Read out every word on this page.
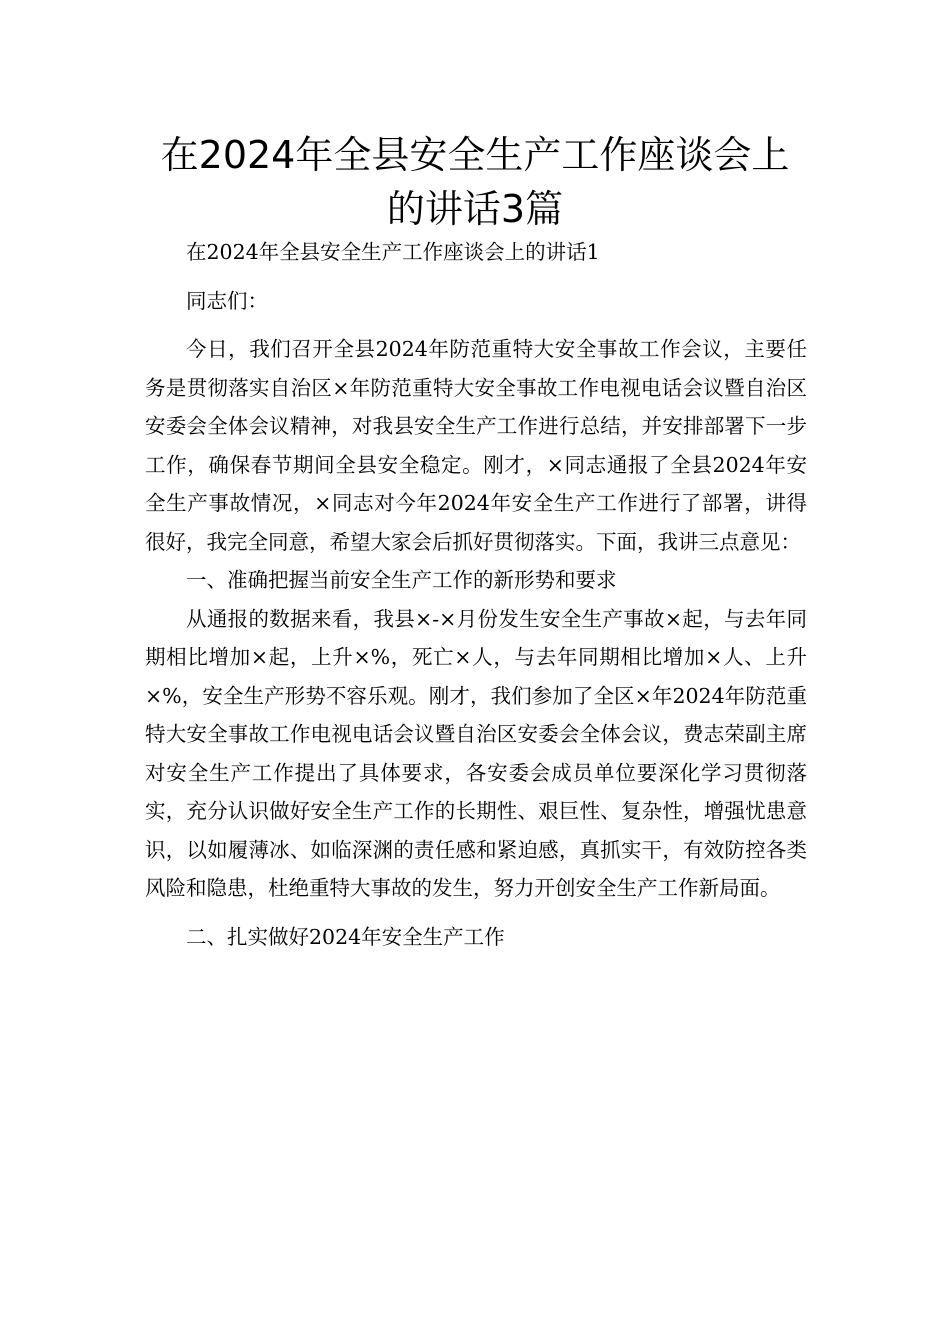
在2024年全县安全生产工作座谈会上的讲话3篇

在2024年全县安全生产工作座谈会上的讲话1

同志们：

今日，我们召开全县2024年防范重特大安全事故工作会议，主要任务是贯彻落实自治区×年防范重特大安全事故工作电视电话会议暨自治区安委会全体会议精神，对我县安全生产工作进行总结，并安排部署下一步工作，确保春节期间全县安全稳定。刚才，×同志通报了全县2024年安全生产事故情况，×同志对今年2024年安全生产工作进行了部署，讲得很好，我完全同意，希望大家会后抓好贯彻落实。下面，我讲三点意见：

一、准确把握当前安全生产工作的新形势和要求

从通报的数据来看，我县×-×月份发生安全生产事故×起，与去年同期相比增加×起，上升×%，死亡×人，与去年同期相比增加×人、上升×%，安全生产形势不容乐观。刚才，我们参加了全区×年2024年防范重特大安全事故工作电视电话会议暨自治区安委会全体会议，费志荣副主席对安全生产工作提出了具体要求，各安委会成员单位要深化学习贯彻落实，充分认识做好安全生产工作的长期性、艰巨性、复杂性，增强忧患意识，以如履薄冰、如临深渊的责任感和紧迫感，真抓实干，有效防控各类风险和隐患，杜绝重特大事故的发生，努力开创安全生产工作新局面。

二、扎实做好2024年安全生产工作
